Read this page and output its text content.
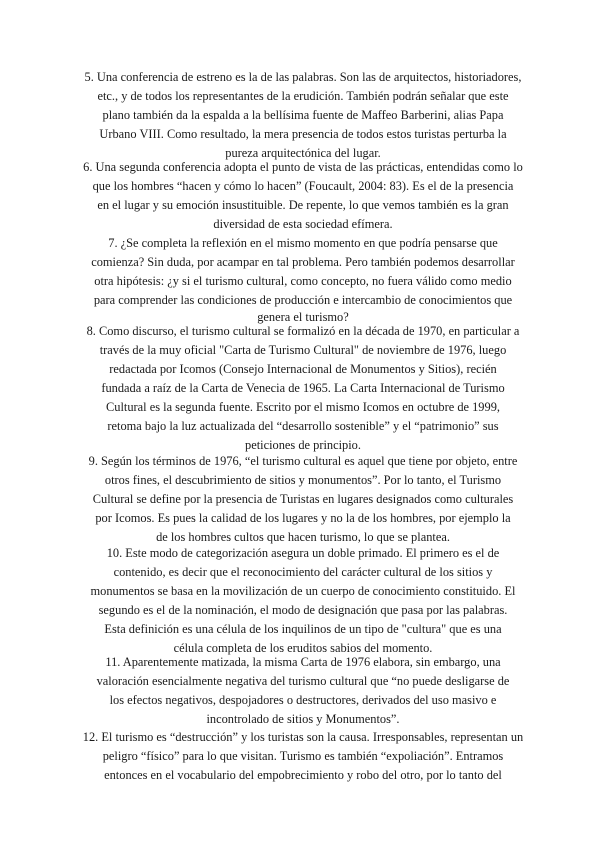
5. Una conferencia de estreno es la de las palabras. Son las de arquitectos, historiadores,

etc., y de todos los representantes de la erudición. También podrán señalar que este

plano también da la espalda a la bellísima fuente de Maffeo Barberini, alias Papa

Urbano VIII. Como resultado, la mera presencia de todos estos turistas perturba la

pureza arquitectónica del lugar.

6. Una segunda conferencia adopta el punto de vista de las prácticas, entendidas como lo

que los hombres “hacen y cómo lo hacen” (Foucault, 2004: 83). Es el de la presencia

en el lugar y su emoción insustituible. De repente, lo que vemos también es la gran

diversidad de esta sociedad efímera.

7. ¿Se completa la reflexión en el mismo momento en que podría pensarse que

comienza? Sin duda, por acampar en tal problema. Pero también podemos desarrollar

otra hipótesis: ¿y si el turismo cultural, como concepto, no fuera válido como medio

para comprender las condiciones de producción e intercambio de conocimientos que

genera el turismo?

8. Como discurso, el turismo cultural se formalizó en la década de 1970, en particular a

través de la muy oficial "Carta de Turismo Cultural" de noviembre de 1976, luego

redactada por Icomos (Consejo Internacional de Monumentos y Sitios), recién

fundada a raíz de la Carta de Venecia de 1965. La Carta Internacional de Turismo

Cultural es la segunda fuente. Escrito por el mismo Icomos en octubre de 1999,

retoma bajo la luz actualizada del “desarrollo sostenible” y el “patrimonio” sus

peticiones de principio.

9. Según los términos de 1976, “el turismo cultural es aquel que tiene por objeto, entre

otros fines, el descubrimiento de sitios y monumentos”. Por lo tanto, el Turismo

Cultural se define por la presencia de Turistas en lugares designados como culturales

por Icomos. Es pues la calidad de los lugares y no la de los hombres, por ejemplo la

de los hombres cultos que hacen turismo, lo que se plantea.

10. Este modo de categorización asegura un doble primado. El primero es el de

contenido, es decir que el reconocimiento del carácter cultural de los sitios y

monumentos se basa en la movilización de un cuerpo de conocimiento constituido. El

segundo es el de la nominación, el modo de designación que pasa por las palabras.

Esta definición es una célula de los inquilinos de un tipo de "cultura" que es una

célula completa de los eruditos sabios del momento.

11. Aparentemente matizada, la misma Carta de 1976 elabora, sin embargo, una

valoración esencialmente negativa del turismo cultural que “no puede desligarse de

los efectos negativos, despojadores o destructores, derivados del uso masivo e

incontrolado de sitios y Monumentos”.

12. El turismo es “destrucción” y los turistas son la causa. Irresponsables, representan un

peligro “físico” para lo que visitan. Turismo es también “expoliación”. Entramos

entonces en el vocabulario del empobrecimiento y robo del otro, por lo tanto del
